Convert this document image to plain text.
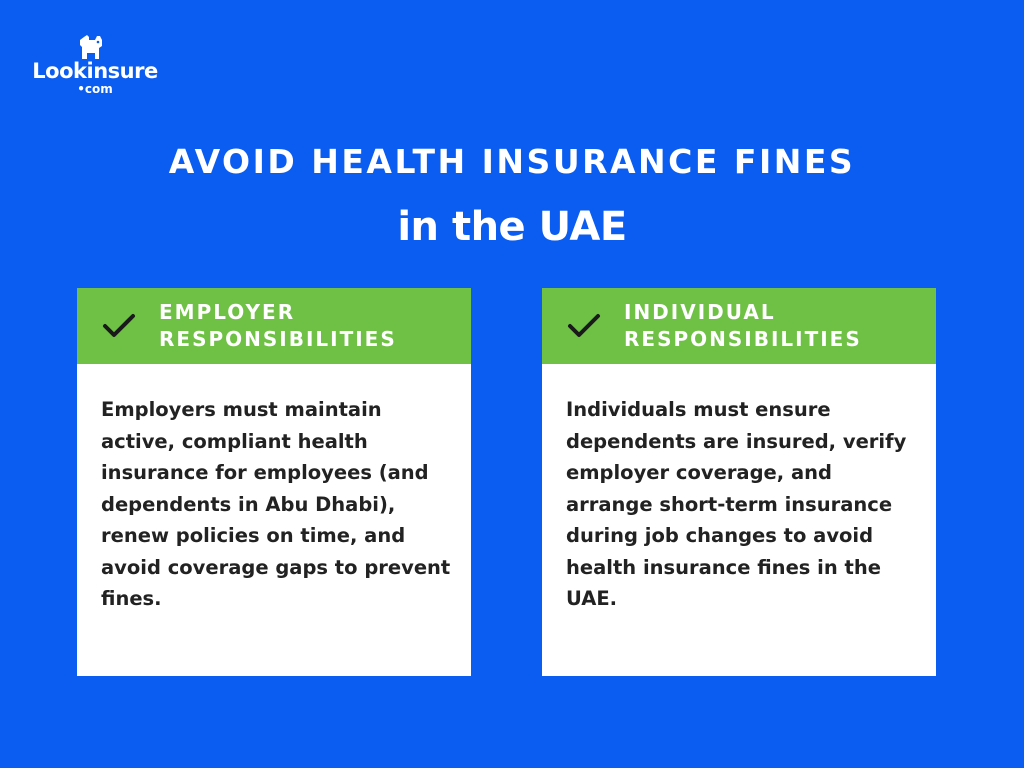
Lookinsure
•com
AVOID HEALTH INSURANCE FINES
in the UAE
EMPLOYER
RESPONSIBILITIES
Employers must maintain active, compliant health insurance for employees (and dependents in Abu Dhabi), renew policies on time, and avoid coverage gaps to prevent fines.
INDIVIDUAL
RESPONSIBILITIES
Individuals must ensure dependents are insured, verify employer coverage, and arrange short-term insurance during job changes to avoid health insurance fines in the UAE.
